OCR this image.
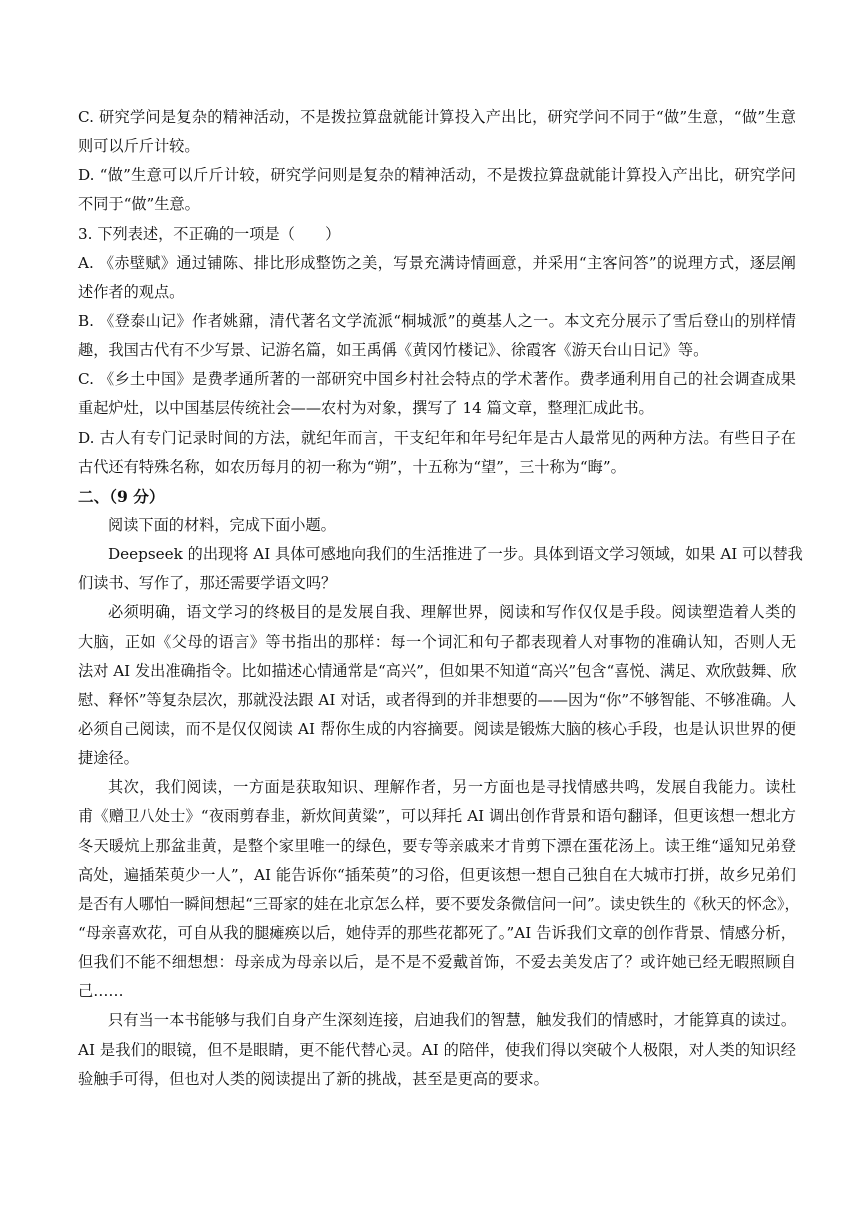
C. 研究学问是复杂的精神活动，不是拨拉算盘就能计算投入产出比，研究学问不同于“做”生意，“做”生意
则可以斤斤计较。
D. “做”生意可以斤斤计较，研究学问则是复杂的精神活动，不是拨拉算盘就能计算投入产出比，研究学问
不同于“做”生意。
3. 下列表述，不正确的一项是（　　）
A. 《赤壁赋》通过铺陈、排比形成整饬之美，写景充满诗情画意，并采用“主客问答”的说理方式，逐层阐
述作者的观点。
B. 《登泰山记》作者姚鼐，清代著名文学流派“桐城派”的奠基人之一。本文充分展示了雪后登山的别样情
趣，我国古代有不少写景、记游名篇，如王禹偁《黄冈竹楼记》、徐霞客《游天台山日记》等。
C. 《乡土中国》是费孝通所著的一部研究中国乡村社会特点的学术著作。费孝通利用自己的社会调查成果
重起炉灶，以中国基层传统社会——农村为对象，撰写了 14 篇文章，整理汇成此书。
D. 古人有专门记录时间的方法，就纪年而言，干支纪年和年号纪年是古人最常见的两种方法。有些日子在
古代还有特殊名称，如农历每月的初一称为“朔”，十五称为“望”，三十称为“晦”。
二、（9 分）
阅读下面的材料，完成下面小题。
Deepseek 的出现将 AI 具体可感地向我们的生活推进了一步。具体到语文学习领域，如果 AI 可以替我
们读书、写作了，那还需要学语文吗？
必须明确，语文学习的终极目的是发展自我、理解世界，阅读和写作仅仅是手段。阅读塑造着人类的
大脑，正如《父母的语言》等书指出的那样：每一个词汇和句子都表现着人对事物的准确认知，否则人无
法对 AI 发出准确指令。比如描述心情通常是“高兴”，但如果不知道“高兴”包含“喜悦、满足、欢欣鼓舞、欣
慰、释怀”等复杂层次，那就没法跟 AI 对话，或者得到的并非想要的——因为“你”不够智能、不够准确。人
必须自己阅读，而不是仅仅阅读 AI 帮你生成的内容摘要。阅读是锻炼大脑的核心手段，也是认识世界的便
捷途径。
其次，我们阅读，一方面是获取知识、理解作者，另一方面也是寻找情感共鸣，发展自我能力。读杜
甫《赠卫八处士》“夜雨剪春韭，新炊间黄粱”，可以拜托 AI 调出创作背景和语句翻译，但更该想一想北方
冬天暖炕上那盆韭黄，是整个家里唯一的绿色，要专等亲戚来才肯剪下漂在蛋花汤上。读王维“遥知兄弟登
高处，遍插茱萸少一人”，AI 能告诉你“插茱萸”的习俗，但更该想一想自己独自在大城市打拼，故乡兄弟们
是否有人哪怕一瞬间想起“三哥家的娃在北京怎么样，要不要发条微信问一问”。读史铁生的《秋天的怀念》，
“母亲喜欢花，可自从我的腿瘫痪以后，她侍弄的那些花都死了。”AI 告诉我们文章的创作背景、情感分析，
但我们不能不细想想：母亲成为母亲以后，是不是不爱戴首饰，不爱去美发店了？或许她已经无暇照顾自
己……
只有当一本书能够与我们自身产生深刻连接，启迪我们的智慧，触发我们的情感时，才能算真的读过。
AI 是我们的眼镜，但不是眼睛，更不能代替心灵。AI 的陪伴，使我们得以突破个人极限，对人类的知识经
验触手可得，但也对人类的阅读提出了新的挑战，甚至是更高的要求。
